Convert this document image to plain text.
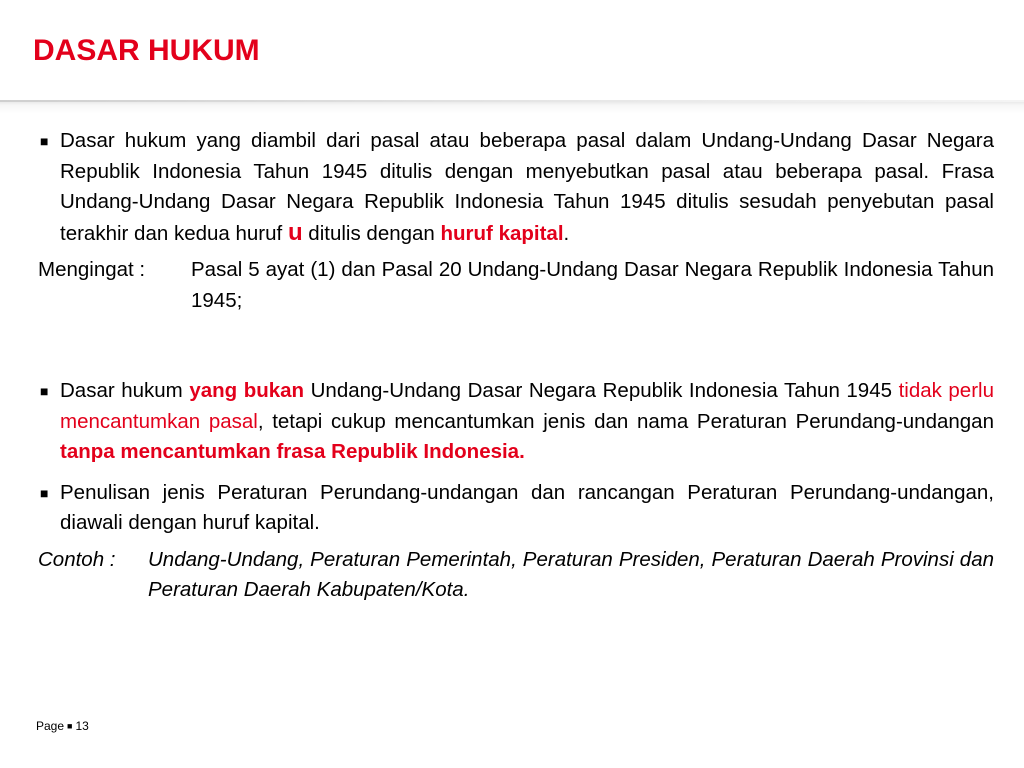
DASAR HUKUM

■ Dasar hukum yang diambil dari pasal atau beberapa pasal dalam Undang-Undang Dasar Negara Republik Indonesia Tahun 1945 ditulis dengan menyebutkan pasal atau beberapa pasal. Frasa Undang-Undang Dasar Negara Republik Indonesia Tahun 1945 ditulis sesudah penyebutan pasal terakhir dan kedua huruf u ditulis dengan huruf kapital.

Mengingat :	Pasal 5 ayat (1) dan Pasal 20 Undang-Undang Dasar Negara Republik Indonesia Tahun 1945;

■ Dasar hukum yang bukan Undang-Undang Dasar Negara Republik Indonesia Tahun 1945 tidak perlu mencantumkan pasal, tetapi cukup mencantumkan jenis dan nama Peraturan Perundang-undangan tanpa mencantumkan frasa Republik Indonesia.

■ Penulisan jenis Peraturan Perundang-undangan dan rancangan Peraturan Perundang-undangan, diawali dengan huruf kapital.

Contoh :	Undang-Undang, Peraturan Pemerintah, Peraturan Presiden, Peraturan Daerah Provinsi dan Peraturan Daerah Kabupaten/Kota.
Page ■ 13
